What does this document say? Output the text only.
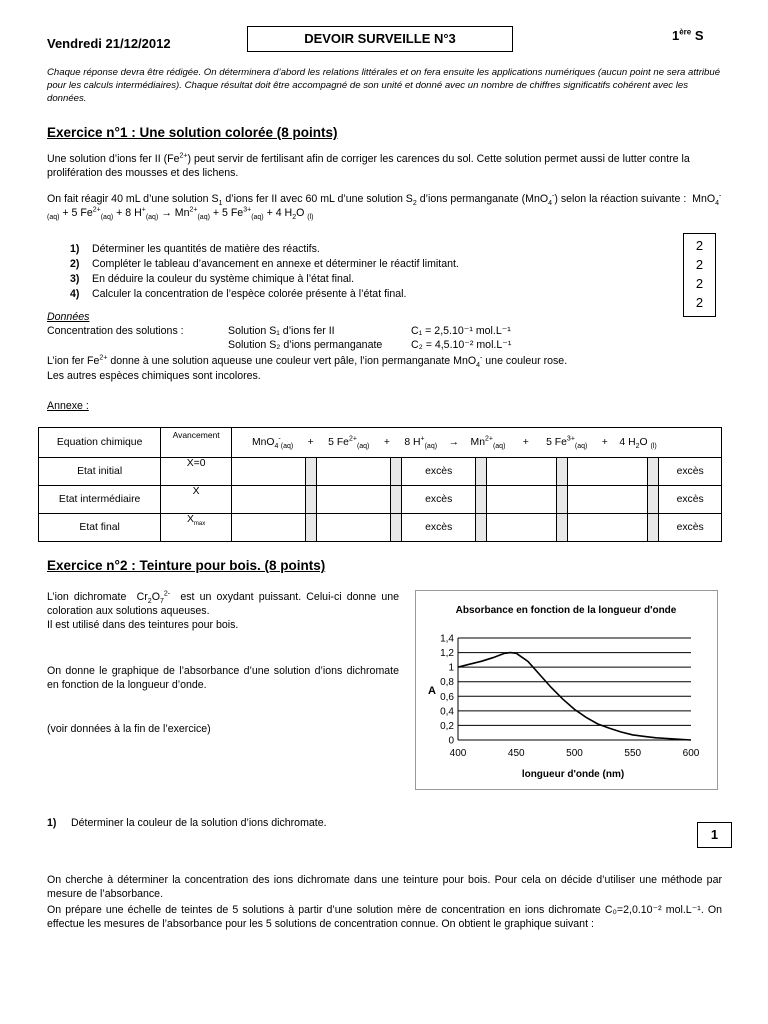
Vendredi 21/12/2012	DEVOIR SURVEILLE N°3	1ère S
Chaque réponse devra être rédigée. On déterminera d’abord les relations littérales et on fera ensuite les applications numériques (aucun point ne sera attribué pour les calculs intermédiaires). Chaque résultat doit être accompagné de son unité et donné avec un nombre de chiffres significatifs cohérent avec les données.
Exercice n°1 : Une solution colorée (8 points)
Une solution d’ions fer II $(Fe^{2+})$ peut servir de fertilisant afin de corriger les carences du sol. Cette solution permet aussi de lutter contre la prolifération des mousses et des lichens.
On fait réagir 40 mL d’une solution $S_1$ d’ions fer II avec 60 mL d’une solution $S_2$ d’ions permanganate (MnO$_4$-) selon la réaction suivante :  MnO$_4$-$_{(aq)}$ + 5 $Fe^{2+}_{(aq)} + 8$ $H^+_{(aq)} \to Mn^{2+}_{(aq)} + 5$ $Fe^{3+}_{(aq)} + 4$ $H_2O$ $_{(l)}$
1) Déterminer les quantités de matière des réactifs.
2) Compléter le tableau d’avancement en annexe et déterminer le réactif limitant.
3) En déduire la couleur du système chimique à l’état final.
4) Calculer la concentration de l’espèce colorée présente à l’état final.
2
2
2
2
Données
Concentration des solutions :	Solution S₁ d’ions fer II	C₁ = 2,5.10⁻¹ mol.L⁻¹
Solution S₂ d’ions permanganate	C₂ = 4,5.10⁻² mol.L⁻¹
L’ion fer $Fe^{2+}$ donne à une solution aqueuse une couleur vert pâle, l’ion permanganate MnO$_4$- une couleur rose.
Les autres espèces chimiques sont incolores.
Annexe :
Equation chimique	Avancement	MnO$_4$-$_{(aq)}$     +     5 $Fe^{2+}_{(aq)}$     +     8 $H^+_{(aq)}$    →    $Mn^{2+}_{(aq)}$      +      5 $Fe^{3+}_{(aq)}$     +    4 $H_2O$ $_{(l)}$
Etat initial	X=0					excès						excès
Etat intermédiaire	X					excès						excès
Etat final	$X_{max}$					excès						excès
Exercice n°2 : Teinture pour bois. (8 points)
L’ion dichromate  $Cr_2O_7^{2-}$ est un oxydant puissant. Celui-ci donne une coloration aux solutions aqueuses.
Il est utilisé dans des teintures pour bois.
On donne le graphique de l’absorbance d’une solution d’ions dichromate en fonction de la longueur d’onde.
(voir données à la fin de l’exercice)
Absorbance en fonction de la longueur d'onde
0
0,2
0,4
0,6
0,8
1
1,2
1,4
400	450	500	550	600
A
longueur d'onde (nm)
1) Déterminer la couleur de la solution d’ions dichromate.
1
On cherche à déterminer la concentration des ions dichromate dans une teinture pour bois. Pour cela on décide d’utiliser une méthode par mesure de l’absorbance.
On prépare une échelle de teintes de 5 solutions à partir d’une solution mère de concentration en ions dichromate C₀=2,0.10⁻² mol.L⁻¹. On effectue les mesures de l’absorbance pour les 5 solutions de concentration connue. On obtient le graphique suivant :
